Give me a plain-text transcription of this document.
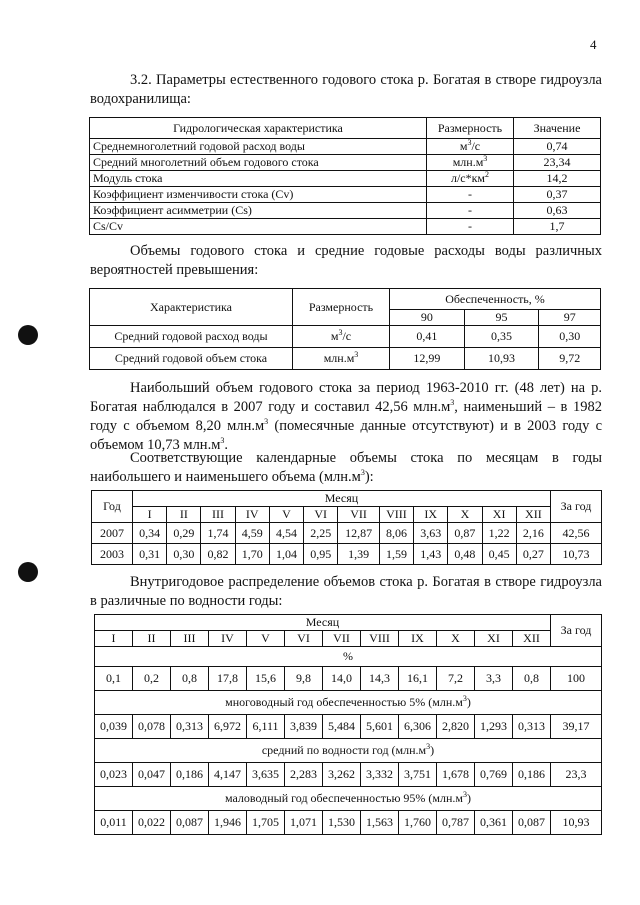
4
3.2. Параметры естественного годового стока р. Богатая в створе гидроузла водохранилища:
Гидрологическая характеристика	Размерность	Значение
Среднемноголетний годовой расход воды	$м^3/с$	0,74
Средний многолетний объем годового стока	$млн.м^3$	23,34
Модуль стока	$л/с*км^2$	14,2
Коэффициент изменчивости стока (Cv)	-	0,37
Коэффициент асимметрии (Cs)	-	0,63
Cs/Cv	-	1,7
Объемы годового стока и средние годовые расходы воды различных вероятностей превышения:
Характеристика	Размерность	Обеспеченность, %		
		90	95	97
Средний годовой расход воды	$м^3/с$	0,41	0,35	0,30
Средний годовой объем стока	$млн.м^3$	12,99	10,93	9,72
Наибольший объем годового стока за период 1963-2010 гг. (48 лет) на р. Богатая наблюдался в 2007 году и составил 42,56 $млн.м^3$, наименьший – в 1982 году с объемом 8,20 $млн.м^3$ (помесячные данные отсутствуют) и в 2003 году с объемом 10,73 $млн.м^3$.
Соответствующие календарные объемы стока по месяцам в годы наибольшего и наименьшего объема $(млн.м^3)$:
Год	Месяц												За год
	I	II	III	IV	V	VI	VII	VIII	IX	X	XI	XII	
2007	0,34	0,29	1,74	4,59	4,54	2,25	12,87	8,06	3,63	0,87	1,22	2,16	42,56
2003	0,31	0,30	0,82	1,70	1,04	0,95	1,39	1,59	1,43	0,48	0,45	0,27	10,73
Внутригодовое распределение объемов стока р. Богатая в створе гидроузла в различные по водности годы:
Месяц												За год
I	II	III	IV	V	VI	VII	VIII	IX	X	XI	XII	
%												
0,1	0,2	0,8	17,8	15,6	9,8	14,0	14,3	16,1	7,2	3,3	0,8	100
многоводный год обеспеченностью 5% $(млн.м^3)$												
0,039	0,078	0,313	6,972	6,111	3,839	5,484	5,601	6,306	2,820	1,293	0,313	39,17
средний по водности год $(млн.м^3)$												
0,023	0,047	0,186	4,147	3,635	2,283	3,262	3,332	3,751	1,678	0,769	0,186	23,3
маловодный год обеспеченностью 95% $(млн.м^3)$												
0,011	0,022	0,087	1,946	1,705	1,071	1,530	1,563	1,760	0,787	0,361	0,087	10,93
